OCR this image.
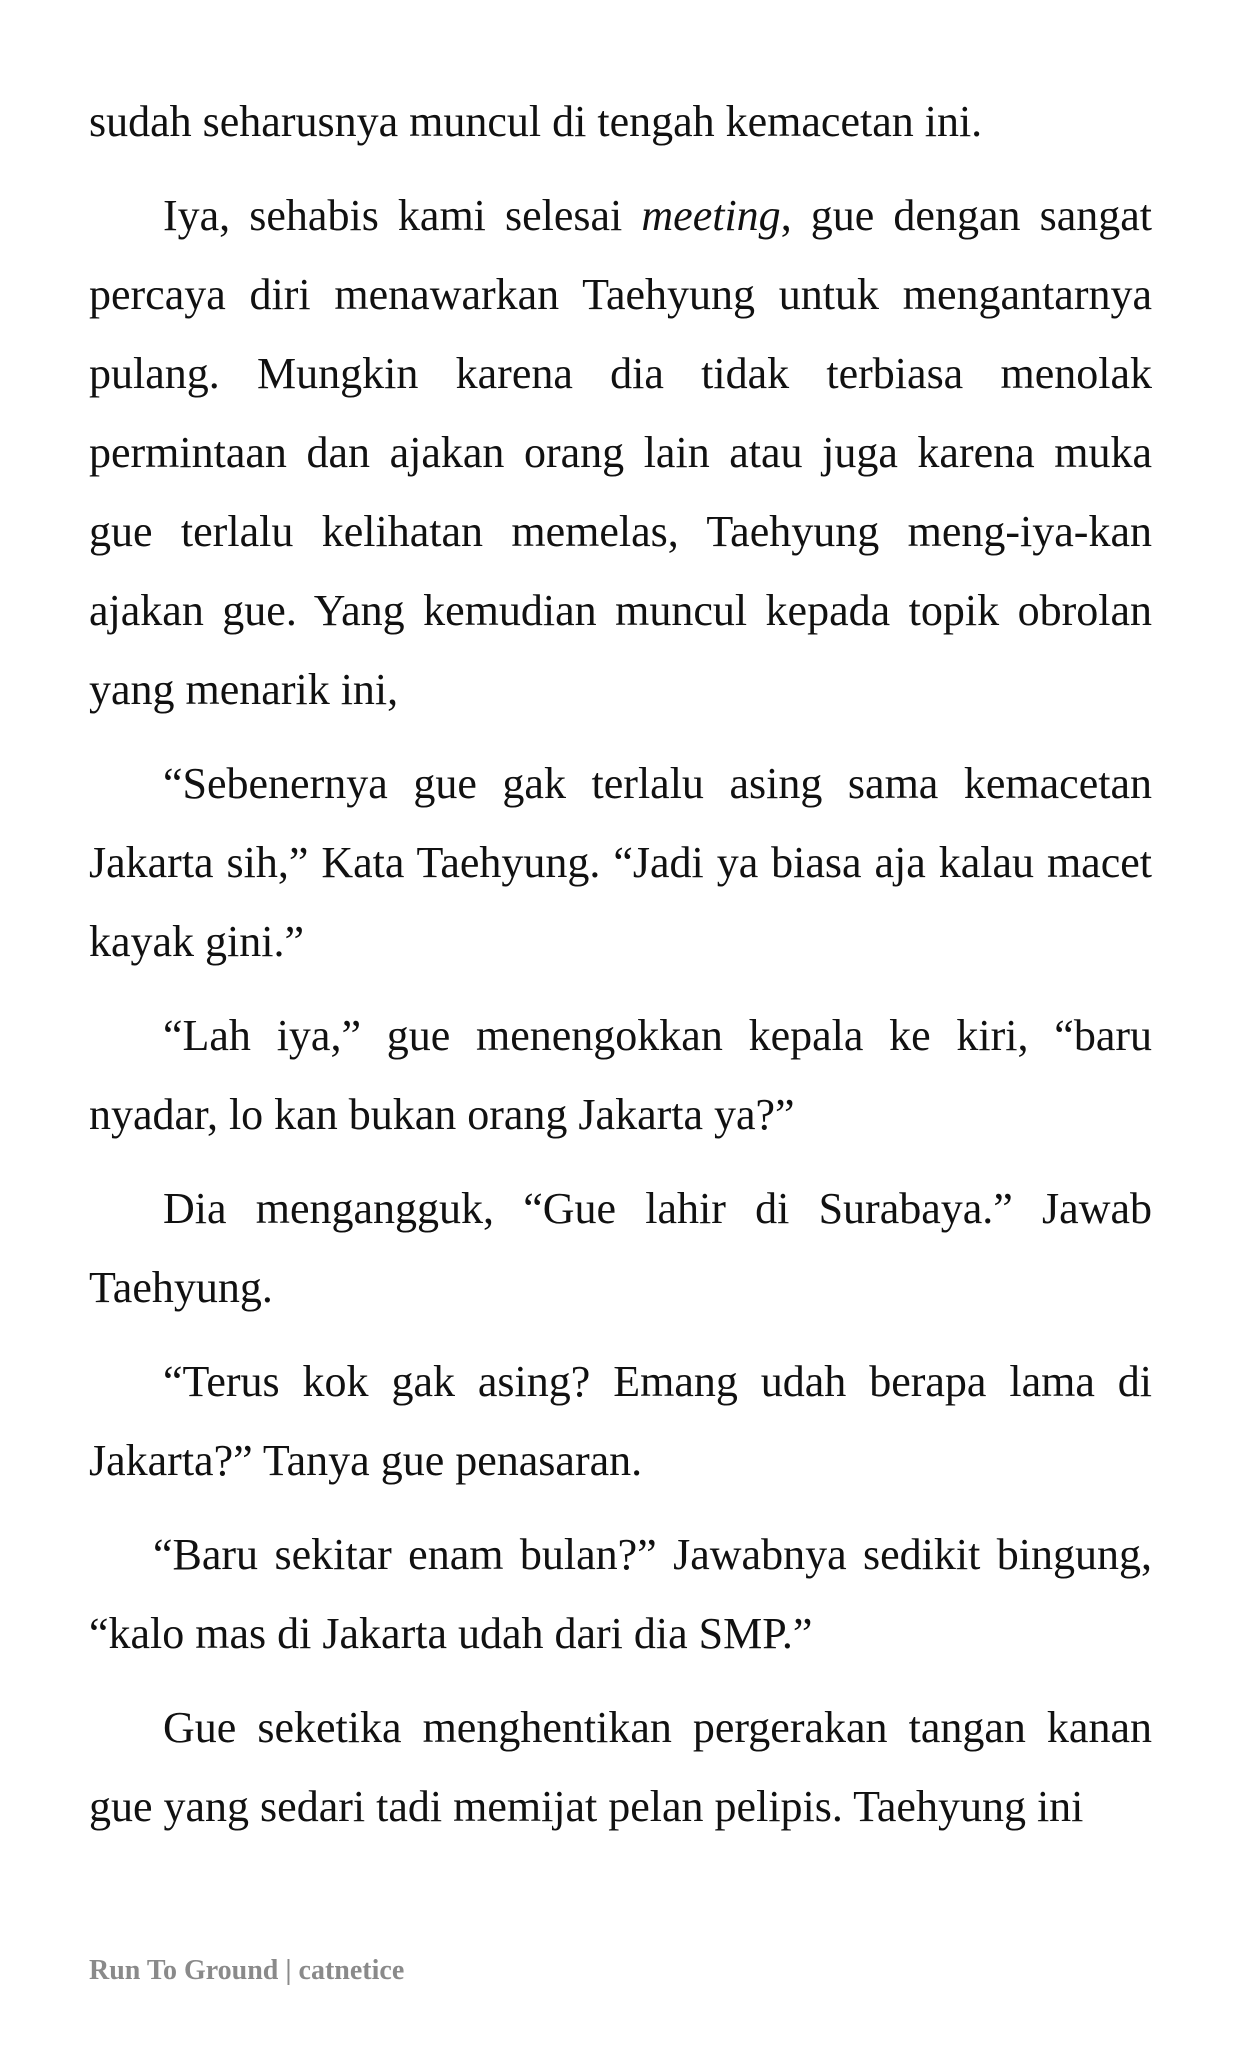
sudah seharusnya muncul di tengah kemacetan ini.

Iya, sehabis kami selesai meeting, gue dengan sangat percaya diri menawarkan Taehyung untuk mengantarnya pulang. Mungkin karena dia tidak terbiasa menolak permintaan dan ajakan orang lain atau juga karena muka gue terlalu kelihatan memelas, Taehyung meng-iya-kan ajakan gue. Yang kemudian muncul kepada topik obrolan yang menarik ini,

“Sebenernya gue gak terlalu asing sama kemacetan Jakarta sih,” Kata Taehyung. “Jadi ya biasa aja kalau macet kayak gini.”

“Lah iya,” gue menengokkan kepala ke kiri, “baru nyadar, lo kan bukan orang Jakarta ya?”

Dia mengangguk, “Gue lahir di Surabaya.” Jawab Taehyung.

“Terus kok gak asing? Emang udah berapa lama di Jakarta?” Tanya gue penasaran.

“Baru sekitar enam bulan?” Jawabnya sedikit bingung, “kalo mas di Jakarta udah dari dia SMP.”

Gue seketika menghentikan pergerakan tangan kanan gue yang sedari tadi memijat pelan pelipis. Taehyung ini

Run To Ground | catnetice
